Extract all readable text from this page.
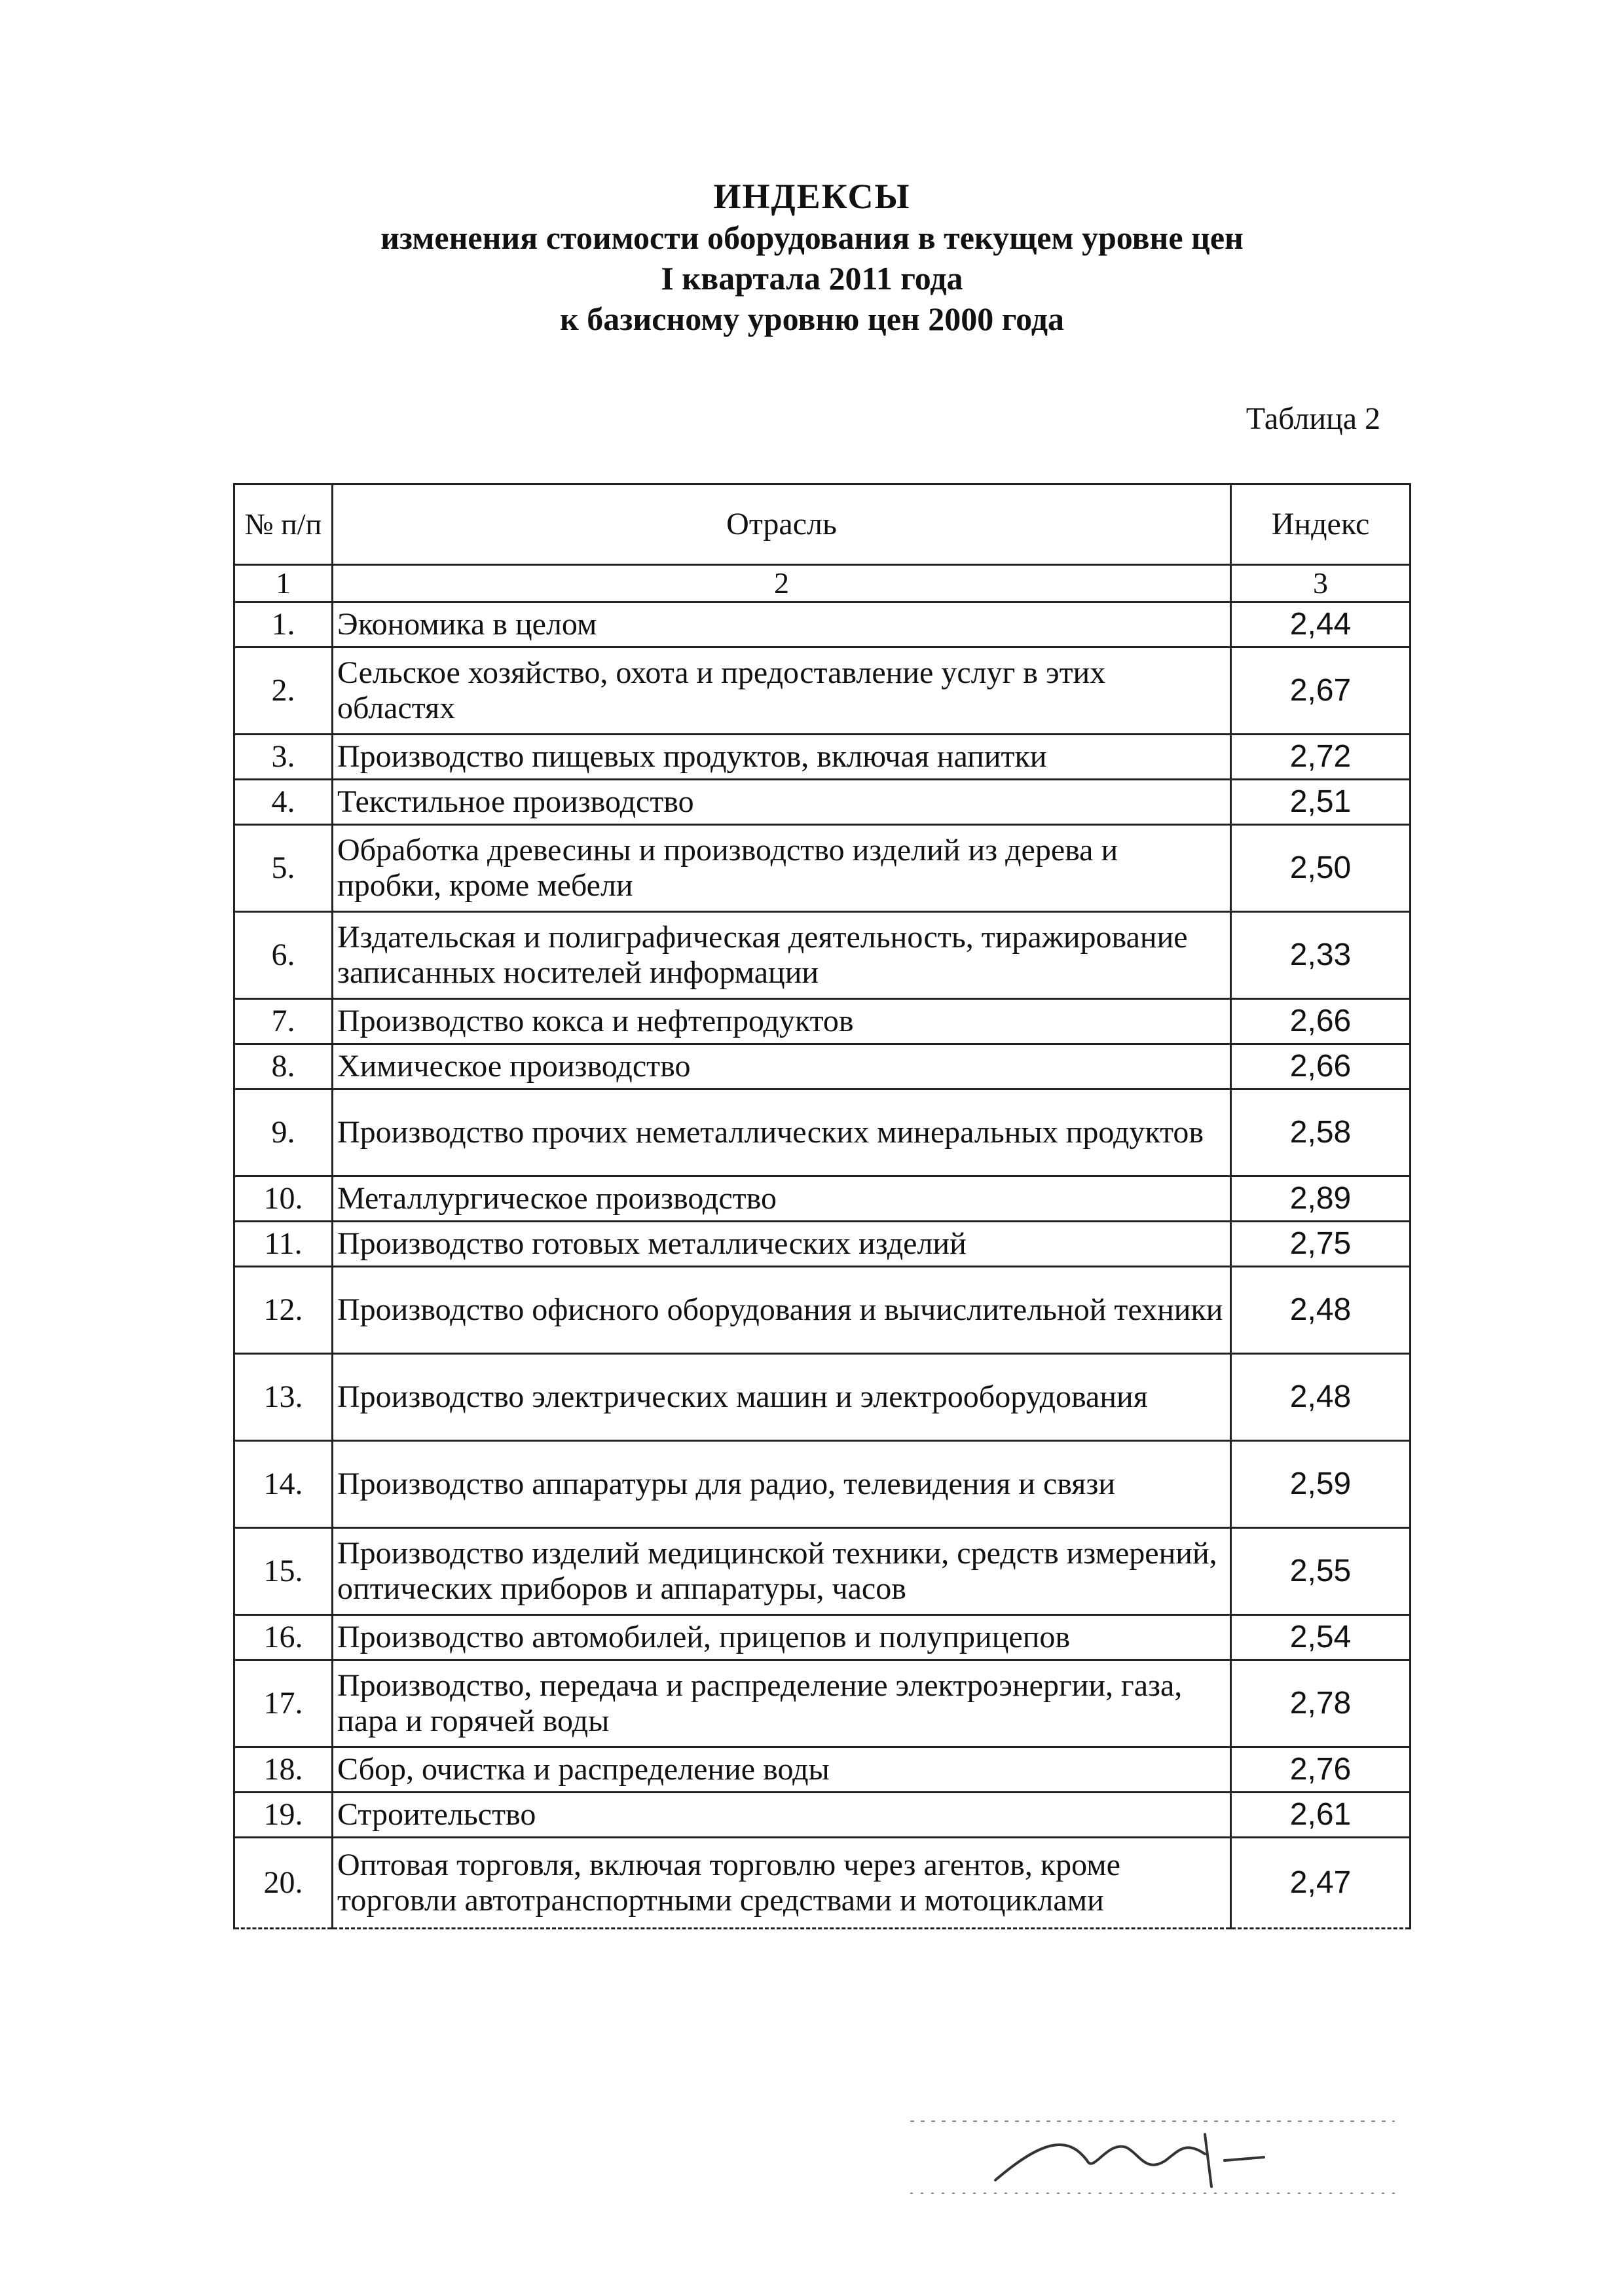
ИНДЕКСЫ
изменения стоимости оборудования в текущем уровне цен
I квартала 2011 года
к базисному уровню цен 2000 года
Таблица 2
№ п/п	Отрасль	Индекс
1	2	3
1.	Экономика в целом	2,44
2.	Сельское хозяйство, охота и предоставление услуг в этих областях	2,67
3.	Производство пищевых продуктов, включая напитки	2,72
4.	Текстильное производство	2,51
5.	Обработка древесины и производство изделий из дерева и пробки, кроме мебели	2,50
6.	Издательская и полиграфическая деятельность, тиражирование записанных носителей информации	2,33
7.	Производство кокса и нефтепродуктов	2,66
8.	Химическое производство	2,66
9.	Производство прочих неметаллических минеральных продуктов	2,58
10.	Металлургическое производство	2,89
11.	Производство готовых металлических изделий	2,75
12.	Производство офисного оборудования и вычислительной техники	2,48
13.	Производство электрических машин и электрооборудования	2,48
14.	Производство аппаратуры для радио, телевидения и связи	2,59
15.	Производство изделий медицинской техники, средств измерений, оптических приборов и аппаратуры, часов	2,55
16.	Производство автомобилей, прицепов и полуприцепов	2,54
17.	Производство, передача и распределение электроэнергии, газа, пара и горячей воды	2,78
18.	Сбор, очистка и распределение воды	2,76
19.	Строительство	2,61
20.	Оптовая торговля, включая торговлю через агентов, кроме торговли автотранспортными средствами и мотоциклами	2,47
